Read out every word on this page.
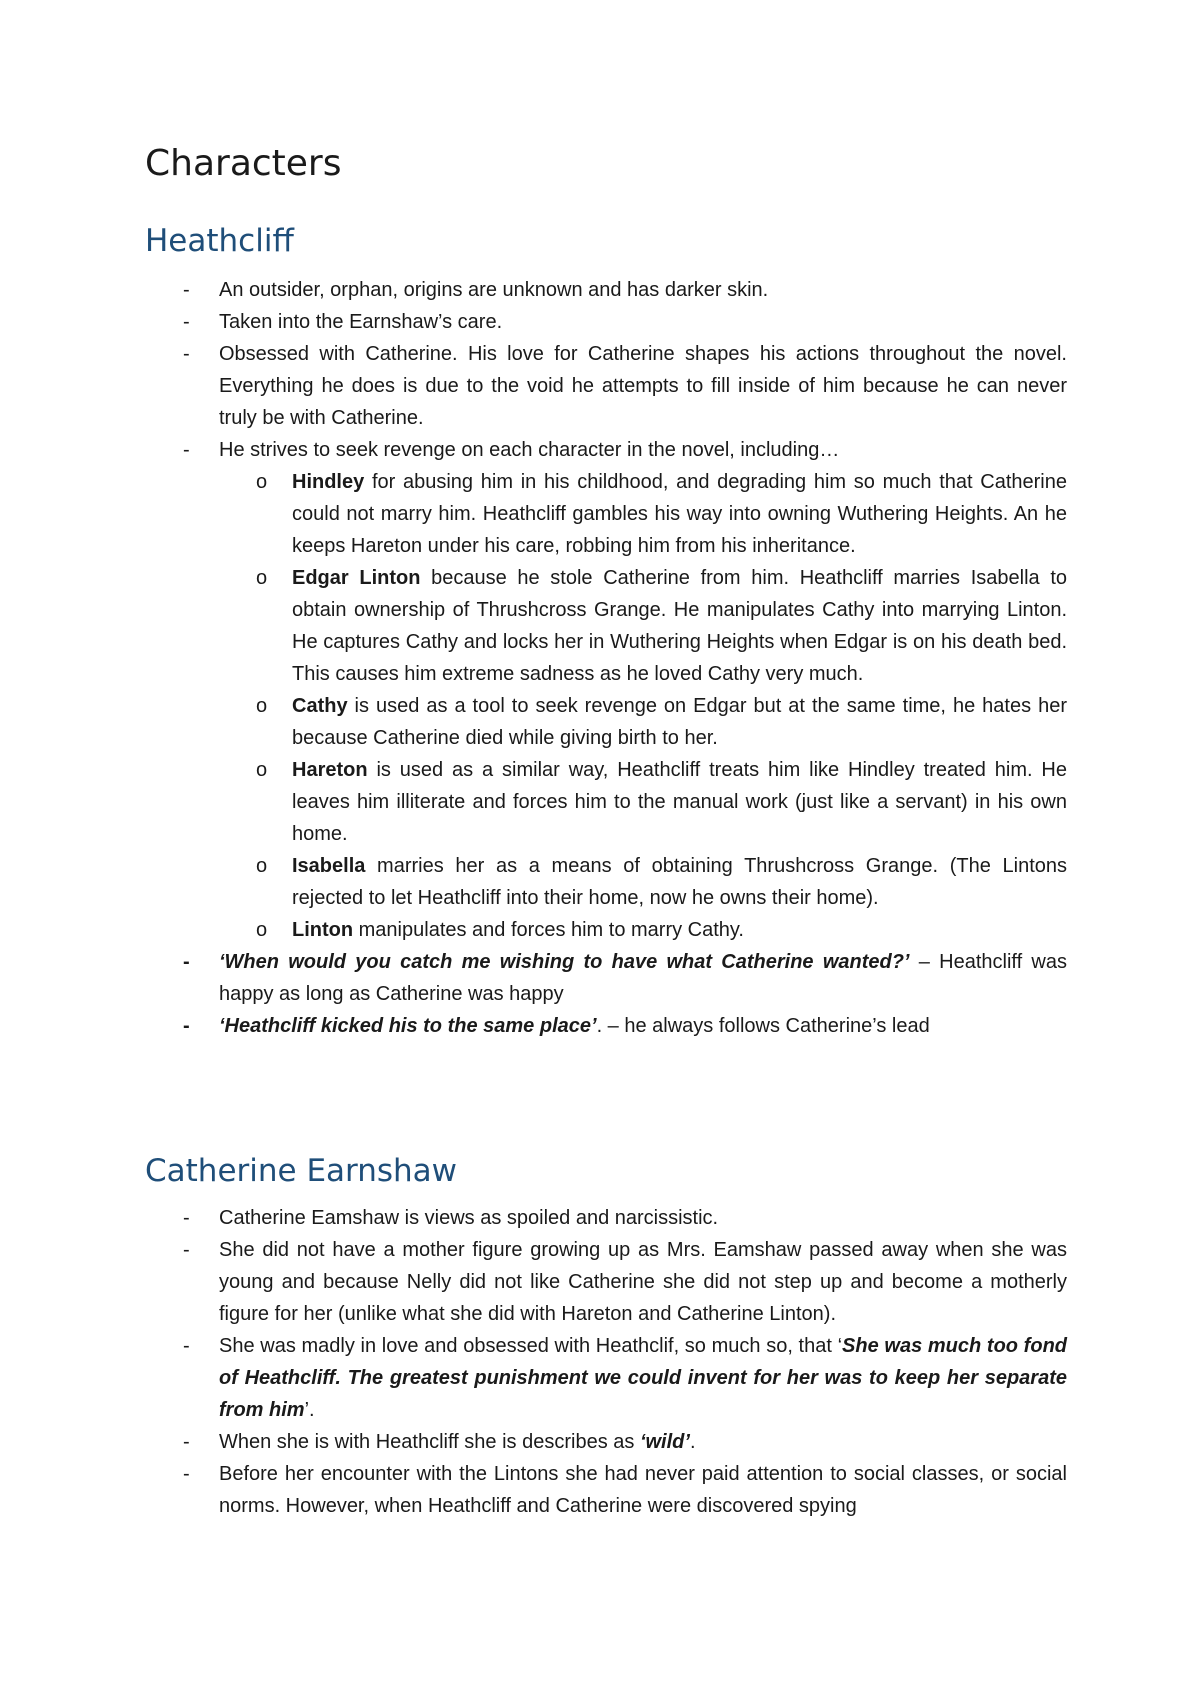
Characters
Heathcliff
- An outsider, orphan, origins are unknown and has darker skin.
- Taken into the Earnshaw’s care.
- Obsessed with Catherine. His love for Catherine shapes his actions throughout the novel. Everything he does is due to the void he attempts to fill inside of him because he can never truly be with Catherine.
- He strives to seek revenge on each character in the novel, including…
o Hindley for abusing him in his childhood, and degrading him so much that Catherine could not marry him. Heathcliff gambles his way into owning Wuthering Heights. An he keeps Hareton under his care, robbing him from his inheritance.
o Edgar Linton because he stole Catherine from him. Heathcliff marries Isabella to obtain ownership of Thrushcross Grange. He manipulates Cathy into marrying Linton. He captures Cathy and locks her in Wuthering Heights when Edgar is on his death bed. This causes him extreme sadness as he loved Cathy very much.
o Cathy is used as a tool to seek revenge on Edgar but at the same time, he hates her because Catherine died while giving birth to her.
o Hareton is used as a similar way, Heathcliff treats him like Hindley treated him. He leaves him illiterate and forces him to the manual work (just like a servant) in his own home.
o Isabella marries her as a means of obtaining Thrushcross Grange. (The Lintons rejected to let Heathcliff into their home, now he owns their home).
o Linton manipulates and forces him to marry Cathy.
- ‘When would you catch me wishing to have what Catherine wanted?’ – Heathcliff was happy as long as Catherine was happy
- ‘Heathcliff kicked his to the same place’. – he always follows Catherine’s lead
Catherine Earnshaw
- Catherine Eamshaw is views as spoiled and narcissistic.
- She did not have a mother figure growing up as Mrs. Eamshaw passed away when she was young and because Nelly did not like Catherine she did not step up and become a motherly figure for her (unlike what she did with Hareton and Catherine Linton).
- She was madly in love and obsessed with Heathclif, so much so, that ‘She was much too fond of Heathcliff. The greatest punishment we could invent for her was to keep her separate from him’.
- When she is with Heathcliff she is describes as ‘wild’.
- Before her encounter with the Lintons she had never paid attention to social classes, or social norms. However, when Heathcliff and Catherine were discovered spying
